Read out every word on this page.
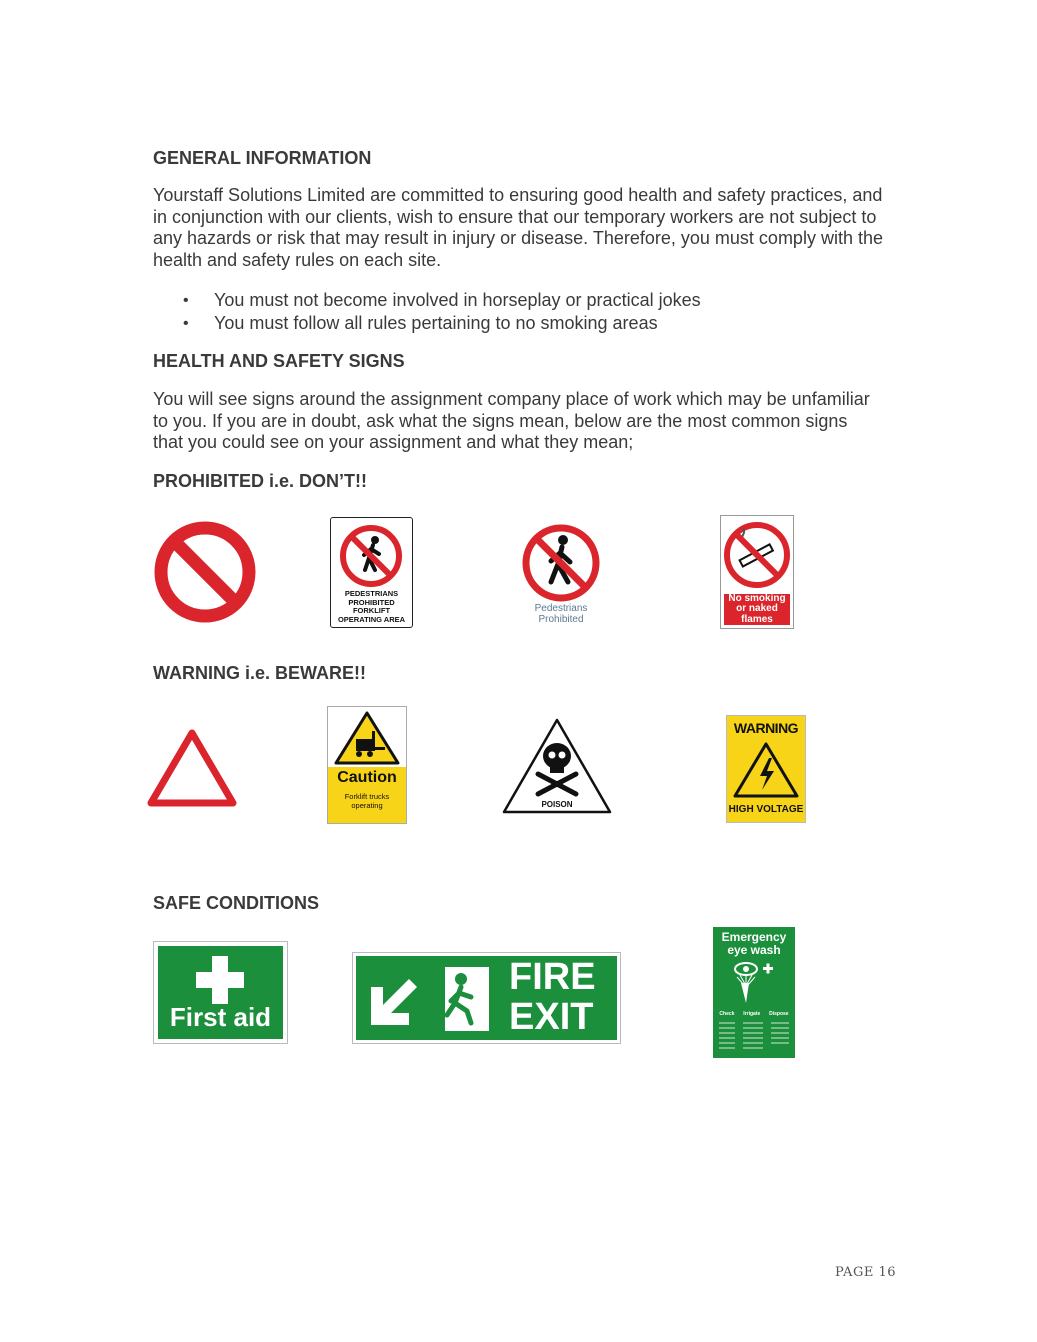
GENERAL INFORMATION
Yourstaff Solutions Limited are committed to ensuring good health and safety practices, and in conjunction with our clients, wish to ensure that our temporary workers are not subject to any hazards or risk that may result in injury or disease. Therefore, you must comply with the health and safety rules on each site.
• You must not become involved in horseplay or practical jokes
• You must follow all rules pertaining to no smoking areas
HEALTH AND SAFETY SIGNS
You will see signs around the assignment company place of work which may be unfamiliar to you. If you are in doubt, ask what the signs mean, below are the most common signs that you could see on your assignment and what they mean;
PROHIBITED i.e. DON’T!!
PEDESTRIANS
PROHIBITED
FORKLIFT
OPERATING AREA
Pedestrians
Prohibited
No smoking
or naked
flames
WARNING i.e. BEWARE!!
Caution
Forklift trucks
operating	POISON
WARNING
HIGH VOLTAGE
SAFE CONDITIONS
First aid
FIRE
EXIT
Emergency
eye wash
Check Irrigate Dispose
PAGE 16
